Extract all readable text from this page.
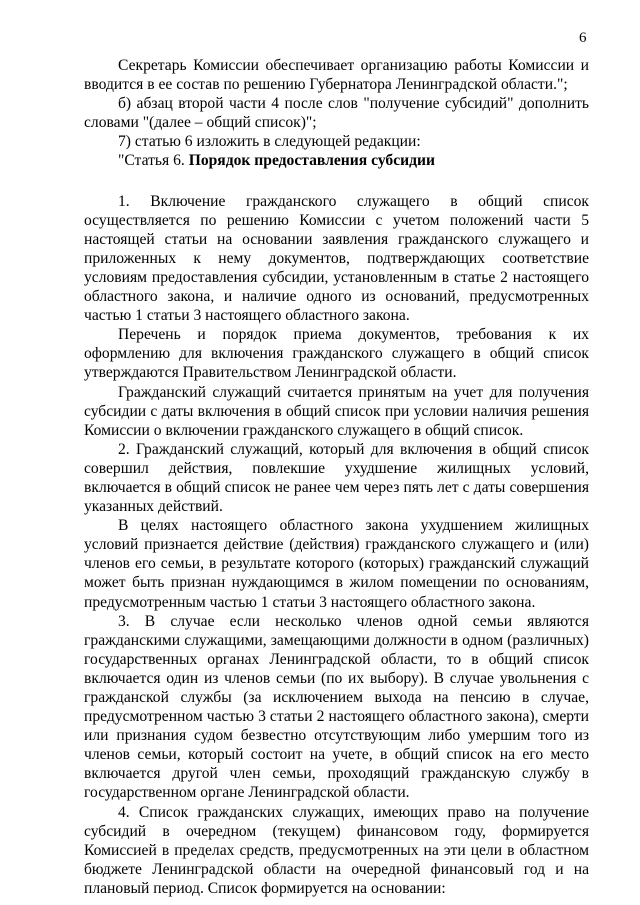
6

Секретарь Комиссии обеспечивает организацию работы Комиссии и вводится в ее состав по решению Губернатора Ленинградской области.";

б) абзац второй части 4 после слов "получение субсидий" дополнить словами "(далее – общий список)";

7) статью 6 изложить в следующей редакции:

"Статья 6. Порядок предоставления субсидии

1. Включение гражданского служащего в общий список осуществляется по решению Комиссии с учетом положений части 5 настоящей статьи на основании заявления гражданского служащего и приложенных к нему документов, подтверждающих соответствие условиям предоставления субсидии, установленным в статье 2 настоящего областного закона, и наличие одного из оснований, предусмотренных частью 1 статьи 3 настоящего областного закона.

Перечень и порядок приема документов, требования к их оформлению для включения гражданского служащего в общий список утверждаются Правительством Ленинградской области.

Гражданский служащий считается принятым на учет для получения субсидии с даты включения в общий список при условии наличия решения Комиссии о включении гражданского служащего в общий список.

2. Гражданский служащий, который для включения в общий список совершил действия, повлекшие ухудшение жилищных условий, включается в общий список не ранее чем через пять лет с даты совершения указанных действий.

В целях настоящего областного закона ухудшением жилищных условий признается действие (действия) гражданского служащего и (или) членов его семьи, в результате которого (которых) гражданский служащий может быть признан нуждающимся в жилом помещении по основаниям, предусмотренным частью 1 статьи 3 настоящего областного закона.

3. В случае если несколько членов одной семьи являются гражданскими служащими, замещающими должности в одном (различных) государственных органах Ленинградской области, то в общий список включается один из членов семьи (по их выбору). В случае увольнения с гражданской службы (за исключением выхода на пенсию в случае, предусмотренном частью 3 статьи 2 настоящего областного закона), смерти или признания судом безвестно отсутствующим либо умершим того из членов семьи, который состоит на учете, в общий список на его место включается другой член семьи, проходящий гражданскую службу в государственном органе Ленинградской области.

4. Список гражданских служащих, имеющих право на получение субсидий в очередном (текущем) финансовом году, формируется Комиссией в пределах средств, предусмотренных на эти цели в областном бюджете Ленинградской области на очередной финансовый год и на плановый период. Список формируется на основании:
